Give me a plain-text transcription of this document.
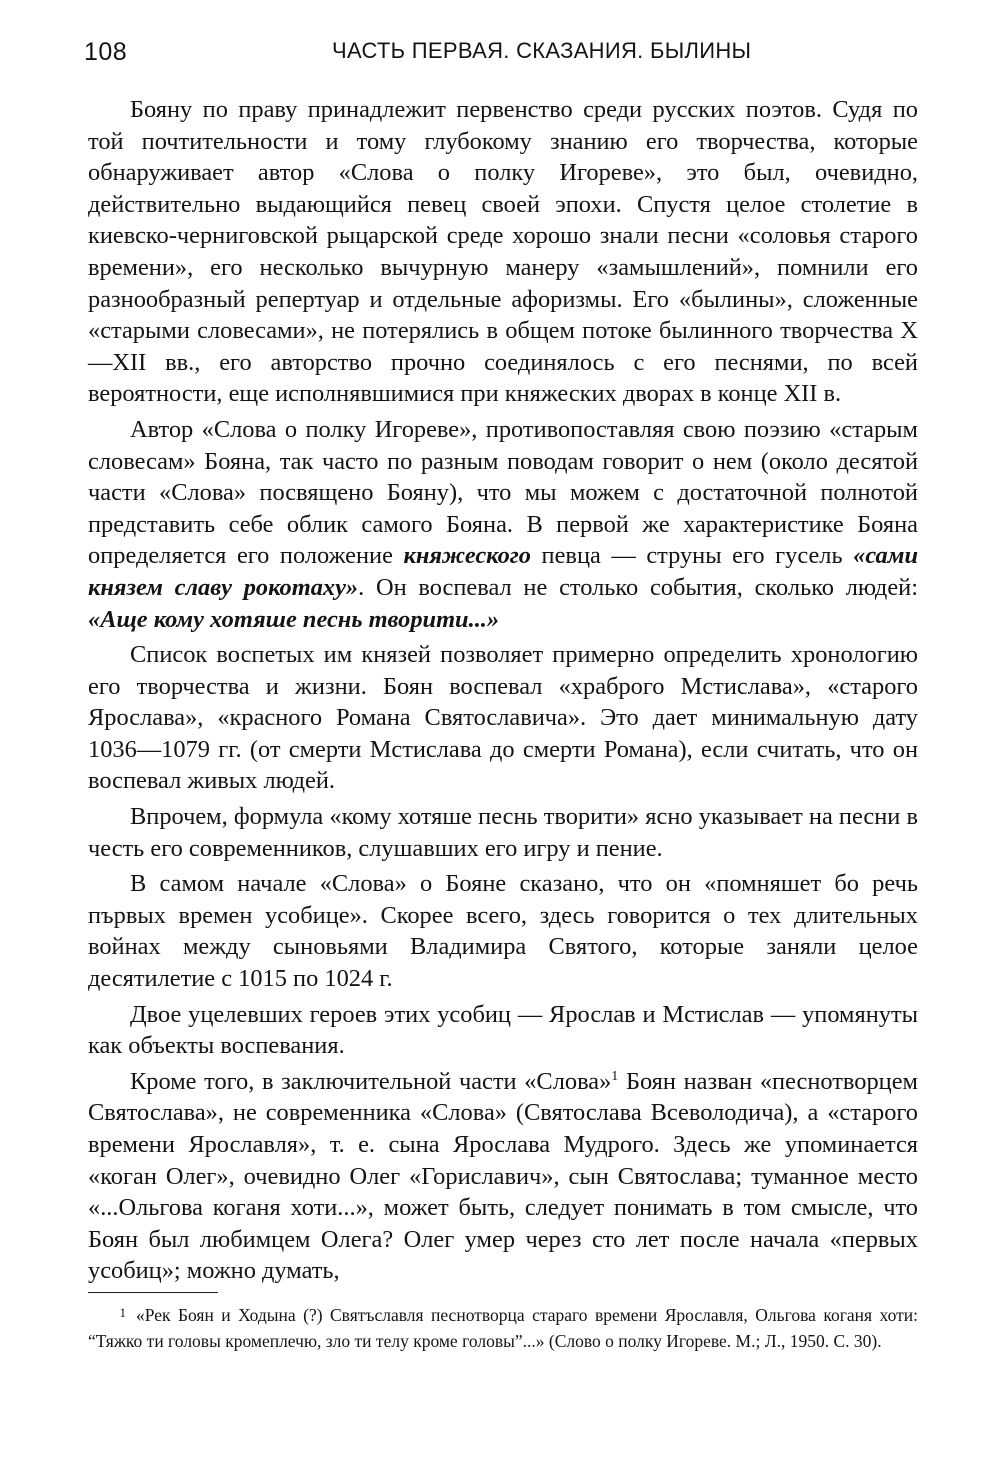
108	ЧАСТЬ ПЕРВАЯ. СКАЗАНИЯ. БЫЛИНЫ

Бояну по праву принадлежит первенство среди русских поэтов. Судя по той почтительности и тому глубокому знанию его творчества, которые обнаруживает автор «Слова о полку Игореве», это был, очевидно, действительно выдающийся певец своей эпохи. Спустя целое столетие в киевско-черниговской рыцарской среде хорошо знали песни «соловья старого времени», его несколько вычурную манеру «замышлений», помнили его разнообразный репертуар и отдельные афоризмы. Его «былины», сложенные «старыми словесами», не потерялись в общем потоке былинного творчества X—XII вв., его авторство прочно соединялось с его песнями, по всей вероятности, еще исполнявшимися при княжеских дворах в конце XII в.

Автор «Слова о полку Игореве», противопоставляя свою поэзию «старым словесам» Бояна, так часто по разным поводам говорит о нем (около десятой части «Слова» посвящено Бояну), что мы можем с достаточной полнотой представить себе облик самого Бояна. В первой же характеристике Бояна определяется его положение княжеского певца — струны его гусель «сами князем славу рокотаху». Он воспевал не столько события, сколько людей: «Аще кому хотяше песнь творити...»

Список воспетых им князей позволяет примерно определить хронологию его творчества и жизни. Боян воспевал «храброго Мстислава», «старого Ярослава», «красного Романа Святославича». Это дает минимальную дату 1036—1079 гг. (от смерти Мстислава до смерти Романа), если считать, что он воспевал живых людей.

Впрочем, формула «кому хотяше песнь творити» ясно указывает на песни в честь его современников, слушавших его игру и пение.

В самом начале «Слова» о Бояне сказано, что он «помняшет бо речь първых времен усобице». Скорее всего, здесь говорится о тех длительных войнах между сыновьями Владимира Святого, которые заняли целое десятилетие с 1015 по 1024 г.

Двое уцелевших героев этих усобиц — Ярослав и Мстислав — упомянуты как объекты воспевания.

Кроме того, в заключительной части «Слова»$^1$ Боян назван «песнотворцем Святослава», не современника «Слова» (Святослава Всеволодича), а «старого времени Ярославля», т. е. сына Ярослава Мудрого. Здесь же упоминается «коган Олег», очевидно Олег «Гориславич», сын Святослава; туманное место «...Ольгова коганя хоти...», может быть, следует понимать в том смысле, что Боян был любимцем Олега? Олег умер через сто лет после начала «первых усобиц»; можно думать,

1 «Рек Боян и Ходына (?) Святъславля песнотворца стараго времени Ярославля, Ольгова коганя хоти: “Тяжко ти головы кромеплечю, зло ти телу кроме головы”...» (Слово о полку Игореве. М.; Л., 1950. С. 30).
